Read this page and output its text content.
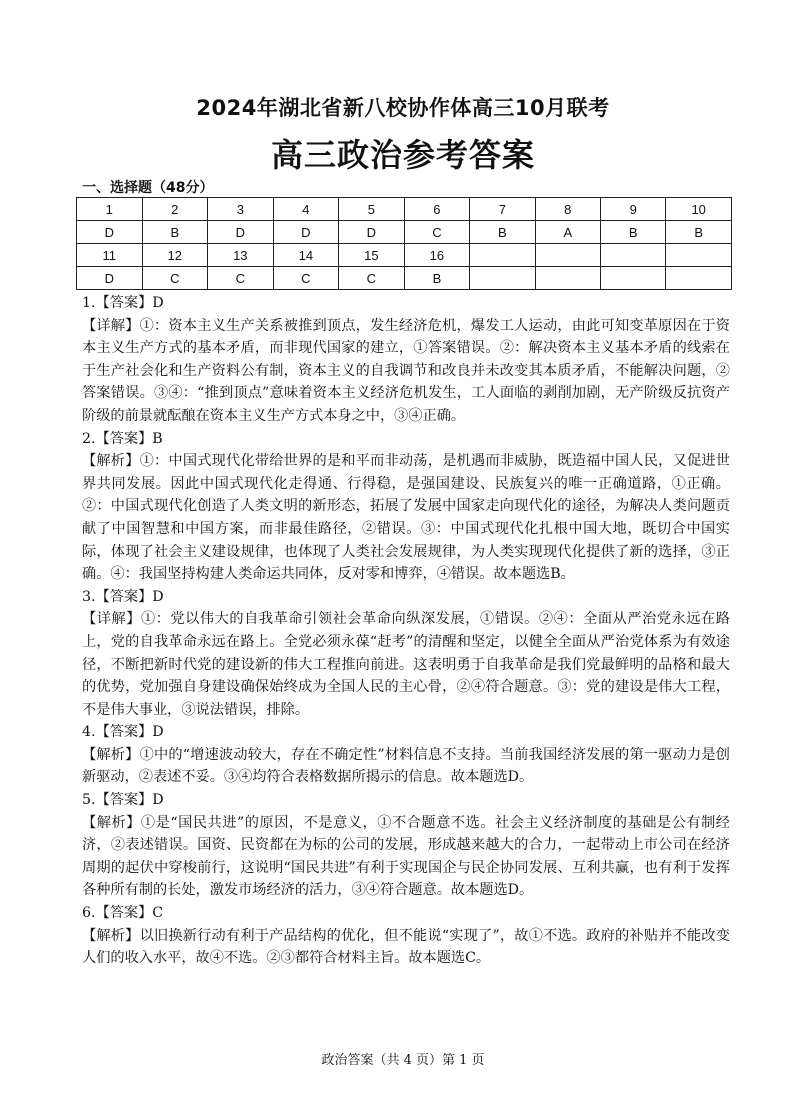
2024年湖北省新八校协作体高三10月联考
高三政治参考答案
一、选择题（48分）
1	2	3	4	5	6	7	8	9	10
D	B	D	D	D	C	B	A	B	B
11	12	13	14	15	16				
D	C	C	C	C	B				

1.【答案】D

【详解】①：资本主义生产关系被推到顶点，发生经济危机，爆发工人运动，由此可知变革原因在于资本主义生产方式的基本矛盾，而非现代国家的建立，①答案错误。②：解决资本主义基本矛盾的线索在于生产社会化和生产资料公有制，资本主义的自我调节和改良并未改变其本质矛盾，不能解决问题，②答案错误。③④：“推到顶点”意味着资本主义经济危机发生，工人面临的剥削加剧，无产阶级反抗资产阶级的前景就酝酿在资本主义生产方式本身之中，③④正确。

2.【答案】B

【解析】①：中国式现代化带给世界的是和平而非动荡，是机遇而非威胁，既造福中国人民，又促进世界共同发展。因此中国式现代化走得通、行得稳，是强国建设、民族复兴的唯一正确道路，①正确。②：中国式现代化创造了人类文明的新形态，拓展了发展中国家走向现代化的途径，为解决人类问题贡献了中国智慧和中国方案，而非最佳路径，②错误。③：中国式现代化扎根中国大地，既切合中国实际，体现了社会主义建设规律，也体现了人类社会发展规律，为人类实现现代化提供了新的选择，③正确。④：我国坚持构建人类命运共同体，反对零和博弈，④错误。故本题选B。

3.【答案】D

【详解】①：党以伟大的自我革命引领社会革命向纵深发展，①错误。②④：全面从严治党永远在路上，党的自我革命永远在路上。全党必须永葆“赶考”的清醒和坚定，以健全全面从严治党体系为有效途径，不断把新时代党的建设新的伟大工程推向前进。这表明勇于自我革命是我们党最鲜明的品格和最大的优势，党加强自身建设确保始终成为全国人民的主心骨，②④符合题意。③：党的建设是伟大工程，不是伟大事业，③说法错误，排除。

4.【答案】D

【解析】①中的“增速波动较大，存在不确定性”材料信息不支持。当前我国经济发展的第一驱动力是创新驱动，②表述不妥。③④均符合表格数据所揭示的信息。故本题选D。

5.【答案】D

【解析】①是“国民共进”的原因，不是意义，①不合题意不选。社会主义经济制度的基础是公有制经济，②表述错误。国资、民资都在为标的公司的发展，形成越来越大的合力，一起带动上市公司在经济周期的起伏中穿梭前行，这说明“国民共进”有利于实现国企与民企协同发展、互利共赢，也有利于发挥各种所有制的长处，激发市场经济的活力，③④符合题意。故本题选D。

6.【答案】C

【解析】以旧换新行动有利于产品结构的优化，但不能说“实现了”，故①不选。政府的补贴并不能改变人们的收入水平，故④不选。②③都符合材料主旨。故本题选C。

政治答案（共 4 页）第 1 页
